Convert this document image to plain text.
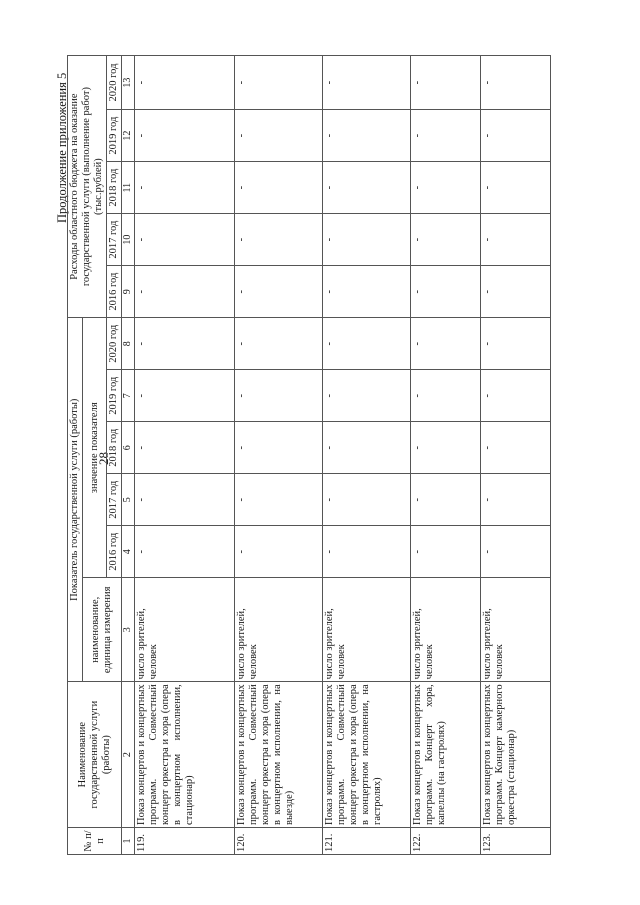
28
Продолжение приложения 5
№ п/п	Наименование государственной услуги (работы)	Показатель государственной услуги (работы)						Расходы областного бюджета на оказание государственной услуги (выполнение работ) (тыс.рублей)				
		наименование, единица измерения	значение показателя									
			2016 год	2017 год	2018 год	2019 год	2020 год	2016 год	2017 год	2018 год	2019 год	2020 год
1	2	3	4	5	6	7	8	9	10	11	12	13
119.	Показ концертов и концертных программ. Совместный концерт оркестра и хора (опера в концертном исполнении, стационар)	число зрителей, человек	-	-	-	-	-	-	-	-	-	-
120.	Показ концертов и концертных программ. Совместный концерт оркестра и хора (опера в концертном исполнении, на выезде)	число зрителей, человек	-	-	-	-	-	-	-	-	-	-
121.	Показ концертов и концертных программ. Совместный концерт оркестра и хора (опера в концертном исполнении, на гастролях)	число зрителей, человек	-	-	-	-	-	-	-	-	-	-
122.	Показ концертов и концертных программ. Концерт хора, капеллы (на гастролях)	число зрителей, человек	-	-	-	-	-	-	-	-	-	-
123.	Показ концертов и концертных программ. Концерт камерного оркестра (стационар)	число зрителей, человек	-	-	-	-	-	-	-	-	-	-
